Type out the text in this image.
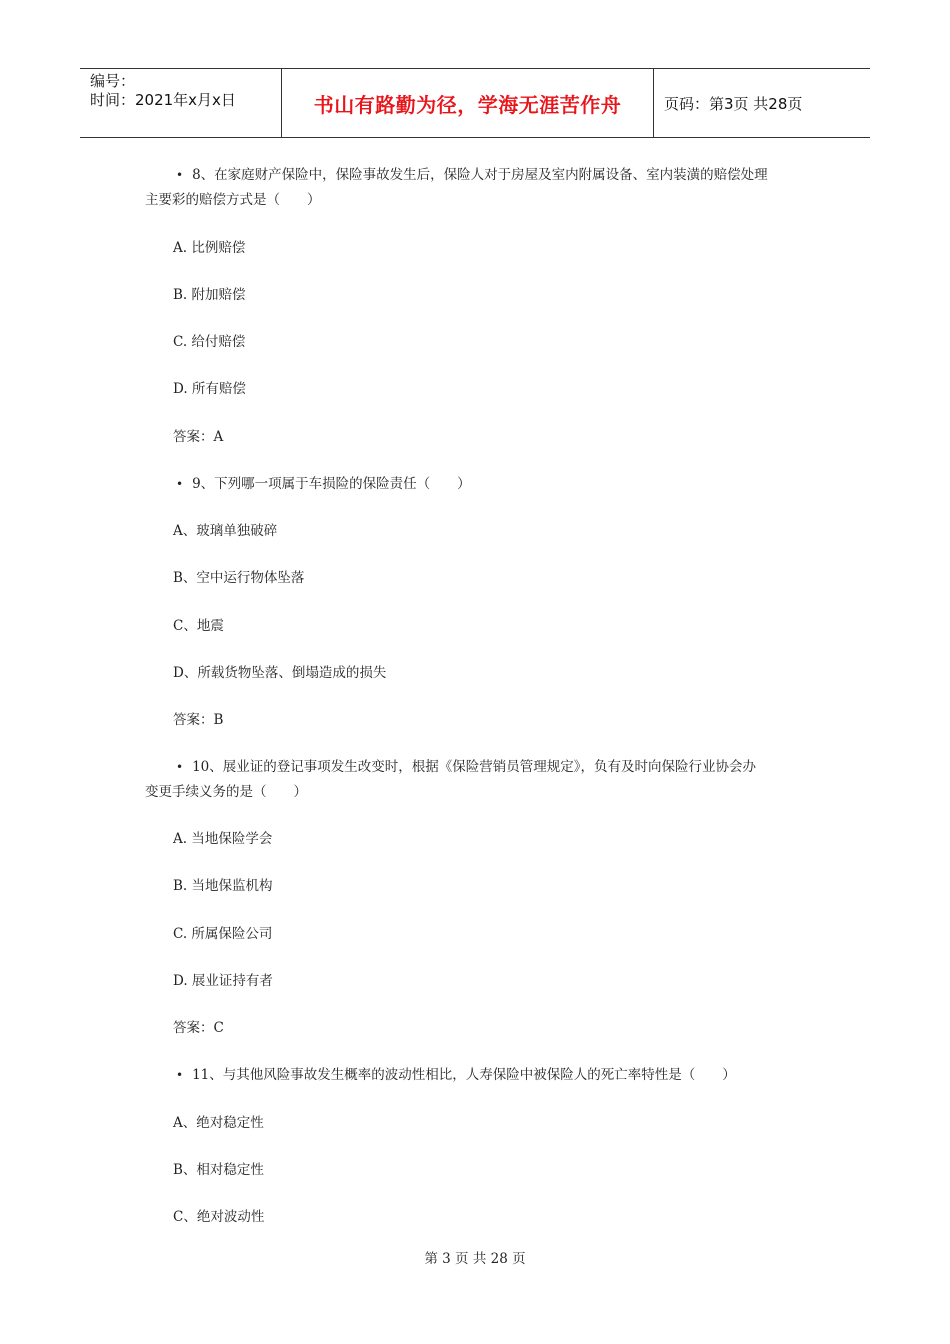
编号：
时间：2021年x月x日	书山有路勤为径，学海无涯苦作舟	页码：第3页 共28页
• 8、在家庭财产保险中，保险事故发生后，保险人对于房屋及室内附属设备、室内装潢的赔偿处理
主要彩的赔偿方式是（　　）
A. 比例赔偿
B. 附加赔偿
C. 给付赔偿
D. 所有赔偿
答案：A
• 9、下列哪一项属于车损险的保险责任（　　）
A、玻璃单独破碎
B、空中运行物体坠落
C、地震
D、所载货物坠落、倒塌造成的损失
答案：B
• 10、展业证的登记事项发生改变时，根据《保险营销员管理规定》，负有及时向保险行业协会办
变更手续义务的是（　　）
A. 当地保险学会
B. 当地保监机构
C. 所属保险公司
D. 展业证持有者
答案：C
• 11、与其他风险事故发生概率的波动性相比，人寿保险中被保险人的死亡率特性是（　　）
A、绝对稳定性
B、相对稳定性
C、绝对波动性
第 3 页 共 28 页
